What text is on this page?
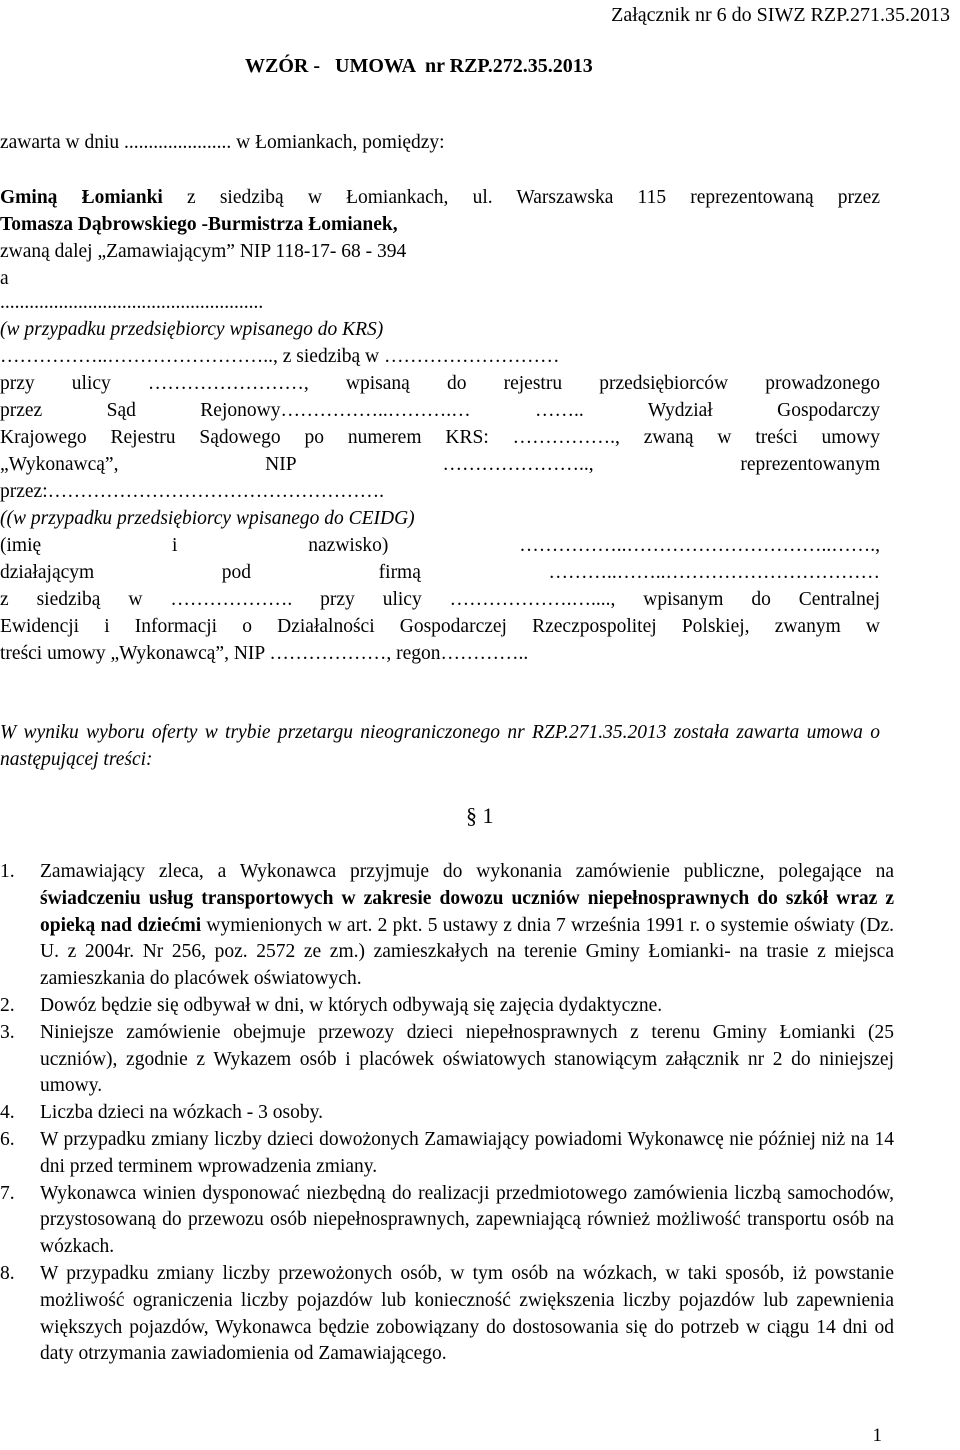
Załącznik nr 6 do SIWZ RZP.271.35.2013
WZÓR -   UMOWA  nr RZP.272.35.2013
zawarta w dniu ...................... w Łomiankach, pomiędzy:
Gminą Łomianki z siedzibą w Łomiankach, ul. Warszawska 115 reprezentowaną przez
Tomasza Dąbrowskiego -Burmistrza Łomianek,
zwaną dalej „Zamawiającym” NIP 118-17- 68 - 394
a
......................................................
(w przypadku przedsiębiorcy wpisanego do KRS)
……………..…………………….., z siedzibą w ………………………
przy ulicy ……………………, wpisaną do rejestru przedsiębiorców prowadzonego
przez Sąd Rejonowy……………..……….… …….. Wydział Gospodarczy
Krajowego Rejestru Sądowego po numerem KRS: ……………., zwaną w treści umowy
„Wykonawcą”, NIP ………………….., reprezentowanym
przez:…………………………………………….
((w przypadku przedsiębiorcy wpisanego do CEIDG)
(imię i nazwisko) ……………..…………………………..…….,
działającym pod firmą ………..……..……………………………
z siedzibą w ………………. przy ulicy ……………….…...., wpisanym do Centralnej
Ewidencji i Informacji o Działalności Gospodarczej Rzeczpospolitej Polskiej, zwanym w
treści umowy „Wykonawcą”, NIP ………………, regon…………..
W wyniku wyboru oferty w trybie przetargu nieograniczonego nr RZP.271.35.2013 została zawarta umowa o następującej treści:
§ 1
1.	Zamawiający zleca, a Wykonawca przyjmuje do wykonania zamówienie publiczne, polegające na świadczeniu usług transportowych w zakresie dowozu uczniów niepełnosprawnych do szkół wraz z opieką nad dziećmi wymienionych w art. 2 pkt. 5 ustawy z dnia 7 września 1991 r. o systemie oświaty (Dz. U. z 2004r. Nr 256, poz. 2572 ze zm.) zamieszkałych na terenie Gminy Łomianki- na trasie z miejsca zamieszkania do placówek oświatowych.
2.	Dowóz będzie się odbywał w dni, w których odbywają się zajęcia dydaktyczne.
3.	Niniejsze zamówienie obejmuje przewozy dzieci niepełnosprawnych z terenu Gminy Łomianki (25 uczniów), zgodnie z Wykazem osób i placówek oświatowych stanowiącym załącznik nr 2 do niniejszej umowy.
4.	Liczba dzieci na wózkach - 3 osoby.
6.	W przypadku zmiany liczby dzieci dowożonych Zamawiający powiadomi Wykonawcę nie później niż na 14 dni przed terminem wprowadzenia zmiany.
7.	Wykonawca winien dysponować niezbędną do realizacji przedmiotowego zamówienia liczbą samochodów, przystosowaną do przewozu osób niepełnosprawnych, zapewniającą również możliwość transportu osób na wózkach.
8.	W przypadku zmiany liczby przewożonych osób, w tym osób na wózkach, w taki sposób, iż powstanie możliwość ograniczenia liczby pojazdów lub konieczność zwiększenia liczby pojazdów lub zapewnienia większych pojazdów, Wykonawca będzie zobowiązany do dostosowania się do potrzeb w ciągu 14 dni od daty otrzymania zawiadomienia od Zamawiającego.
1
